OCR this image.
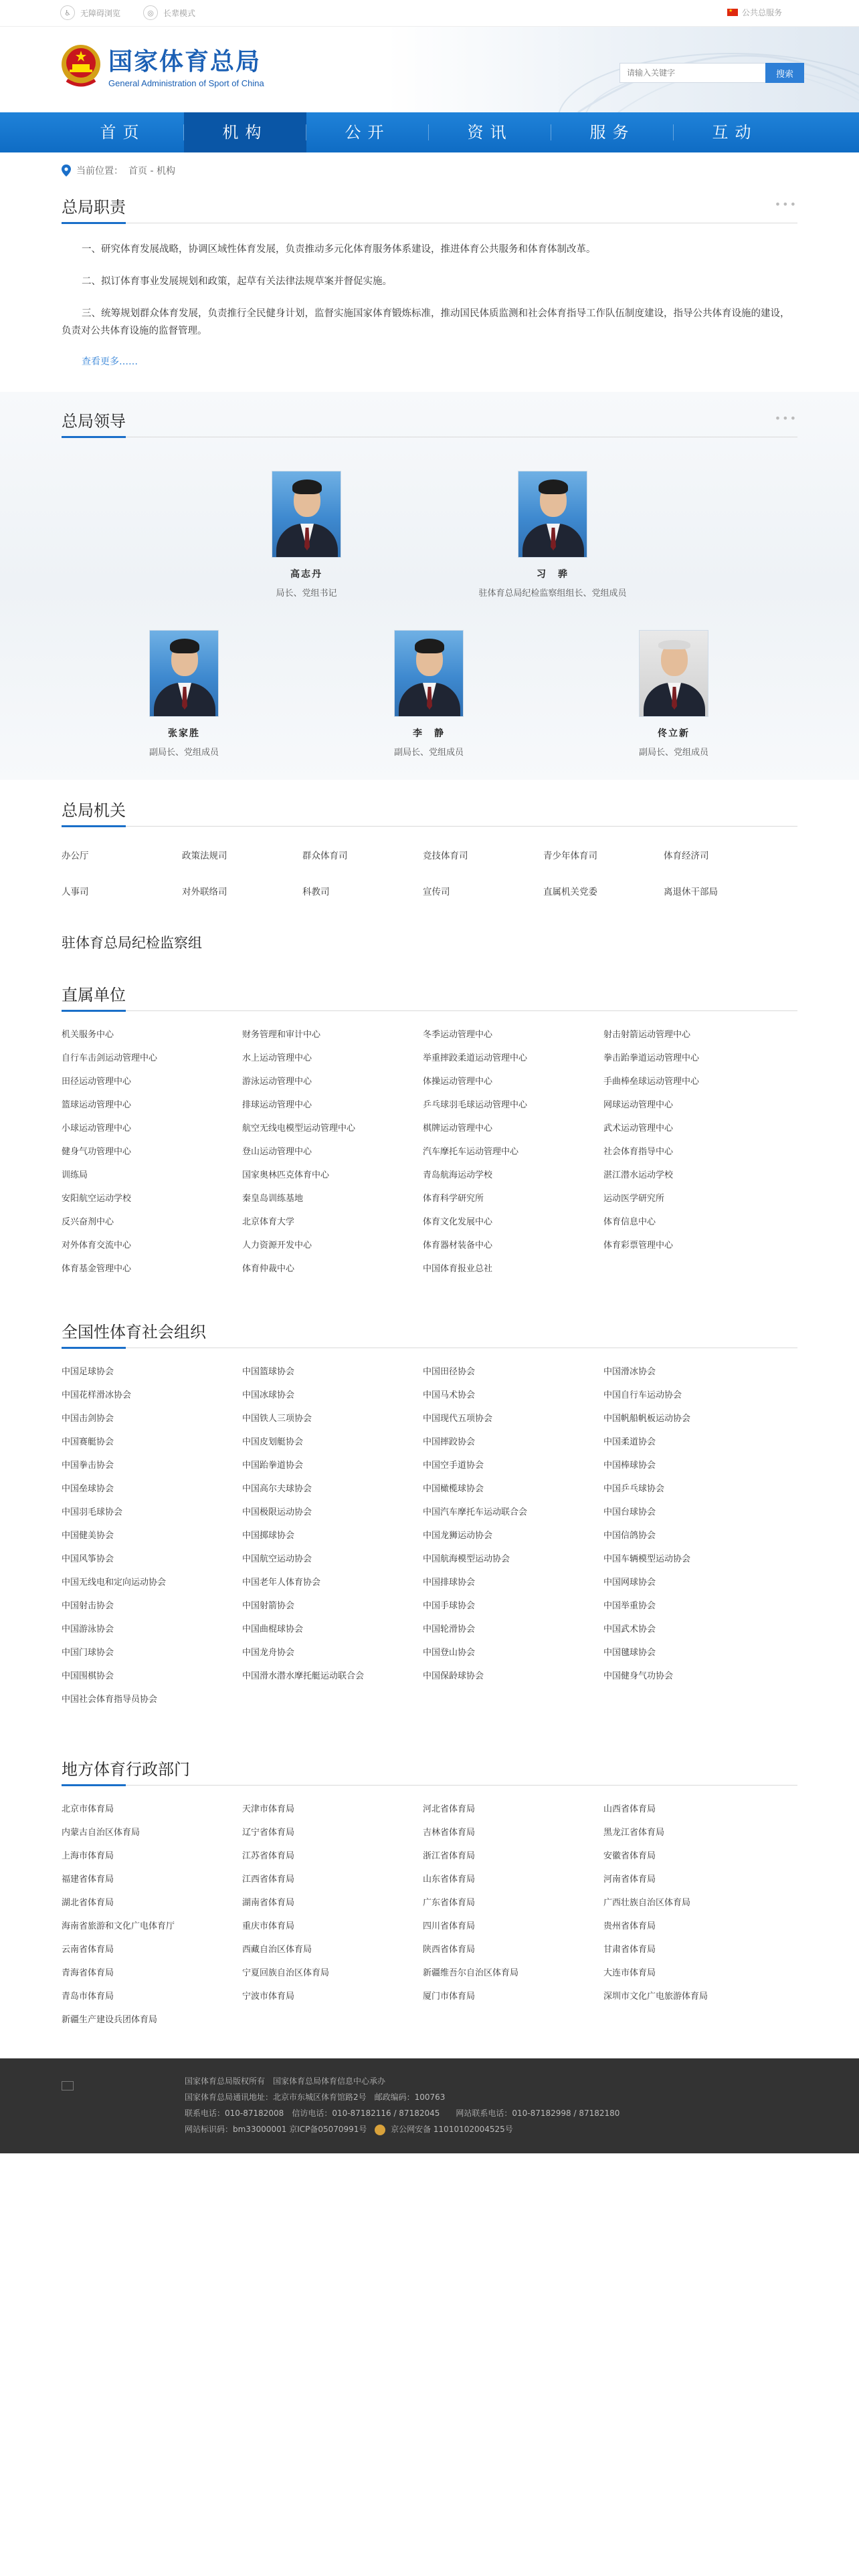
♿	无障碍浏览	◎	长辈模式
★	公共总服务
国家体育总局
General Administration of Sport of China
请输入关键字
搜索
首页	机构	公开	资讯	服务	互动
当前位置： 首页 - 机构
总局职责	•••

一、研究体育发展战略，协调区域性体育发展，负责推动多元化体育服务体系建设，推进体育公共服务和体育体制改革。

二、拟订体育事业发展规划和政策，起草有关法律法规草案并督促实施。

三、统筹规划群众体育发展，负责推行全民健身计划，监督实施国家体育锻炼标准，推动国民体质监测和社会体育指导工作队伍制度建设，指导公共体育设施的建设，负责对公共体育设施的监督管理。

查看更多……
总局领导	•••
高志丹
局长、党组书记
习　骅
驻体育总局纪检监察组组长、党组成员
张家胜
副局长、党组成员
李　静
副局长、党组成员
佟立新
副局长、党组成员
总局机关
办公厅	政策法规司	群众体育司	竞技体育司	青少年体育司	体育经济司
人事司	对外联络司	科教司	宣传司	直属机关党委	离退休干部局
驻体育总局纪检监察组
直属单位
机关服务中心	财务管理和审计中心	冬季运动管理中心	射击射箭运动管理中心
自行车击剑运动管理中心	水上运动管理中心	举重摔跤柔道运动管理中心	拳击跆拳道运动管理中心
田径运动管理中心	游泳运动管理中心	体操运动管理中心	手曲棒垒球运动管理中心
篮球运动管理中心	排球运动管理中心	乒乓球羽毛球运动管理中心	网球运动管理中心
小球运动管理中心	航空无线电模型运动管理中心	棋牌运动管理中心	武术运动管理中心
健身气功管理中心	登山运动管理中心	汽车摩托车运动管理中心	社会体育指导中心
训练局	国家奥林匹克体育中心	青岛航海运动学校	湛江潜水运动学校
安阳航空运动学校	秦皇岛训练基地	体育科学研究所	运动医学研究所
反兴奋剂中心	北京体育大学	体育文化发展中心	体育信息中心
对外体育交流中心	人力资源开发中心	体育器材装备中心	体育彩票管理中心
体育基金管理中心	体育仲裁中心	中国体育报业总社
全国性体育社会组织
中国足球协会	中国篮球协会	中国田径协会	中国滑冰协会
中国花样滑冰协会	中国冰球协会	中国马术协会	中国自行车运动协会
中国击剑协会	中国铁人三项协会	中国现代五项协会	中国帆船帆板运动协会
中国赛艇协会	中国皮划艇协会	中国摔跤协会	中国柔道协会
中国拳击协会	中国跆拳道协会	中国空手道协会	中国棒球协会
中国垒球协会	中国高尔夫球协会	中国橄榄球协会	中国乒乓球协会
中国羽毛球协会	中国极限运动协会	中国汽车摩托车运动联合会	中国台球协会
中国健美协会	中国掷球协会	中国龙狮运动协会	中国信鸽协会
中国风筝协会	中国航空运动协会	中国航海模型运动协会	中国车辆模型运动协会
中国无线电和定向运动协会	中国老年人体育协会	中国排球协会	中国网球协会
中国射击协会	中国射箭协会	中国手球协会	中国举重协会
中国游泳协会	中国曲棍球协会	中国轮滑协会	中国武术协会
中国门球协会	中国龙舟协会	中国登山协会	中国毽球协会
中国围棋协会	中国滑水潜水摩托艇运动联合会	中国保龄球协会	中国健身气功协会
中国社会体育指导员协会
地方体育行政部门
北京市体育局	天津市体育局	河北省体育局	山西省体育局
内蒙古自治区体育局	辽宁省体育局	吉林省体育局	黑龙江省体育局
上海市体育局	江苏省体育局	浙江省体育局	安徽省体育局
福建省体育局	江西省体育局	山东省体育局	河南省体育局
湖北省体育局	湖南省体育局	广东省体育局	广西壮族自治区体育局
海南省旅游和文化广电体育厅	重庆市体育局	四川省体育局	贵州省体育局
云南省体育局	西藏自治区体育局	陕西省体育局	甘肃省体育局
青海省体育局	宁夏回族自治区体育局	新疆维吾尔自治区体育局	大连市体育局
青岛市体育局	宁波市体育局	厦门市体育局	深圳市文化广电旅游体育局
新疆生产建设兵团体育局
国家体育总局版权所有　国家体育总局体育信息中心承办
国家体育总局通讯地址：北京市东城区体育馆路2号　邮政编码：100763
联系电话：010-87182008　信访电话：010-87182116 / 87182045　　网站联系电话：010-87182998 / 87182180
网站标识码：bm33000001 京ICP备05070991号	京公网安备 11010102004525号
